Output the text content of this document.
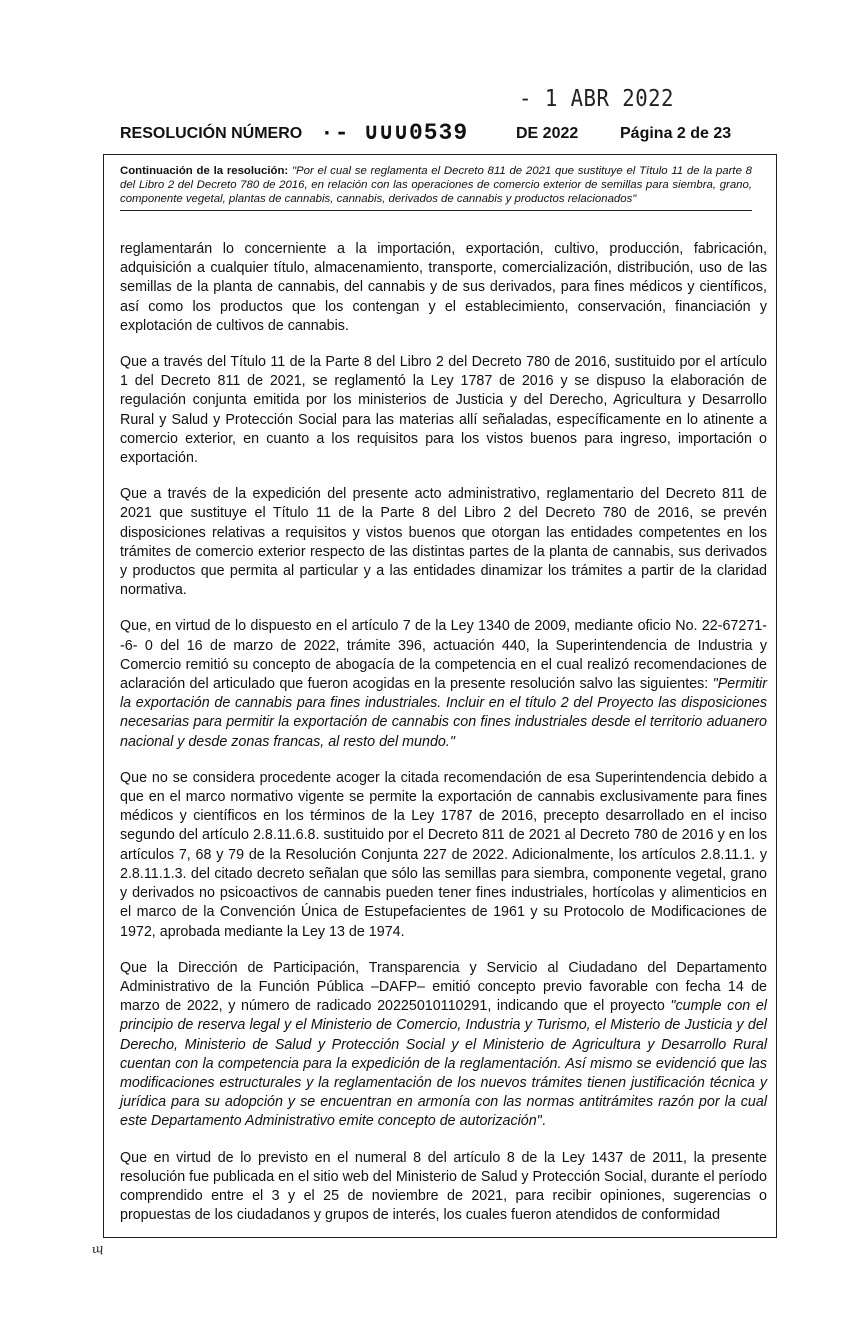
- 1 ABR 2022
RESOLUCIÓN NÚMERO ·- ∪∪∪0539	DE 2022	Página 2 de 23
Continuación de la resolución: "Por el cual se reglamenta el Decreto 811 de 2021 que sustituye el Título 11 de la parte 8 del Libro 2 del Decreto 780 de 2016, en relación con las operaciones de comercio exterior de semillas para siembra, grano, componente vegetal, plantas de cannabis, cannabis, derivados de cannabis y productos relacionados"

reglamentarán lo concerniente a la importación, exportación, cultivo, producción, fabricación, adquisición a cualquier título, almacenamiento, transporte, comercialización, distribución, uso de las semillas de la planta de cannabis, del cannabis y de sus derivados, para fines médicos y científicos, así como los productos que los contengan y el establecimiento, conservación, financiación y explotación de cultivos de cannabis.

Que a través del Título 11 de la Parte 8 del Libro 2 del Decreto 780 de 2016, sustituido por el artículo 1 del Decreto 811 de 2021, se reglamentó la Ley 1787 de 2016 y se dispuso la elaboración de regulación conjunta emitida por los ministerios de Justicia y del Derecho, Agricultura y Desarrollo Rural y Salud y Protección Social para las materias allí señaladas, específicamente en lo atinente a comercio exterior, en cuanto a los requisitos para los vistos buenos para ingreso, importación o exportación.

Que a través de la expedición del presente acto administrativo, reglamentario del Decreto 811 de 2021 que sustituye el Título 11 de la Parte 8 del Libro 2 del Decreto 780 de 2016, se prevén disposiciones relativas a requisitos y vistos buenos que otorgan las entidades competentes en los trámites de comercio exterior respecto de las distintas partes de la planta de cannabis, sus derivados y productos que permita al particular y a las entidades dinamizar los trámites a partir de la claridad normativa.

Que, en virtud de lo dispuesto en el artículo 7 de la Ley 1340 de 2009, mediante oficio No. 22-67271- -6- 0 del 16 de marzo de 2022, trámite 396, actuación 440, la Superintendencia de Industria y Comercio remitió su concepto de abogacía de la competencia en el cual realizó recomendaciones de aclaración del articulado que fueron acogidas en la presente resolución salvo las siguientes: "Permitir la exportación de cannabis para fines industriales. Incluir en el título 2 del Proyecto las disposiciones necesarias para permitir la exportación de cannabis con fines industriales desde el territorio aduanero nacional y desde zonas francas, al resto del mundo."

Que no se considera procedente acoger la citada recomendación de esa Superintendencia debido a que en el marco normativo vigente se permite la exportación de cannabis exclusivamente para fines médicos y científicos en los términos de la Ley 1787 de 2016, precepto desarrollado en el inciso segundo del artículo 2.8.11.6.8. sustituido por el Decreto 811 de 2021 al Decreto 780 de 2016 y en los artículos 7, 68 y 79 de la Resolución Conjunta 227 de 2022. Adicionalmente, los artículos 2.8.11.1. y 2.8.11.1.3. del citado decreto señalan que sólo las semillas para siembra, componente vegetal, grano y derivados no psicoactivos de cannabis pueden tener fines industriales, hortícolas y alimenticios en el marco de la Convención Única de Estupefacientes de 1961 y su Protocolo de Modificaciones de 1972, aprobada mediante la Ley 13 de 1974.

Que la Dirección de Participación, Transparencia y Servicio al Ciudadano del Departamento Administrativo de la Función Pública –DAFP– emitió concepto previo favorable con fecha 14 de marzo de 2022, y número de radicado 20225010110291, indicando que el proyecto "cumple con el principio de reserva legal y el Ministerio de Comercio, Industria y Turismo, el Misterio de Justicia y del Derecho, Ministerio de Salud y Protección Social y el Ministerio de Agricultura y Desarrollo Rural cuentan con la competencia para la expedición de la reglamentación. Así mismo se evidenció que las modificaciones estructurales y la reglamentación de los nuevos trámites tienen justificación técnica y jurídica para su adopción y se encuentran en armonía con las normas antitrámites razón por la cual este Departamento Administrativo emite concepto de autorización".

Que en virtud de lo previsto en el numeral 8 del artículo 8 de la Ley 1437 de 2011, la presente resolución fue publicada en el sitio web del Ministerio de Salud y Protección Social, durante el período comprendido entre el 3 y el 25 de noviembre de 2021, para recibir opiniones, sugerencias o propuestas de los ciudadanos y grupos de interés, los cuales fueron atendidos de conformidad

ᶭ
